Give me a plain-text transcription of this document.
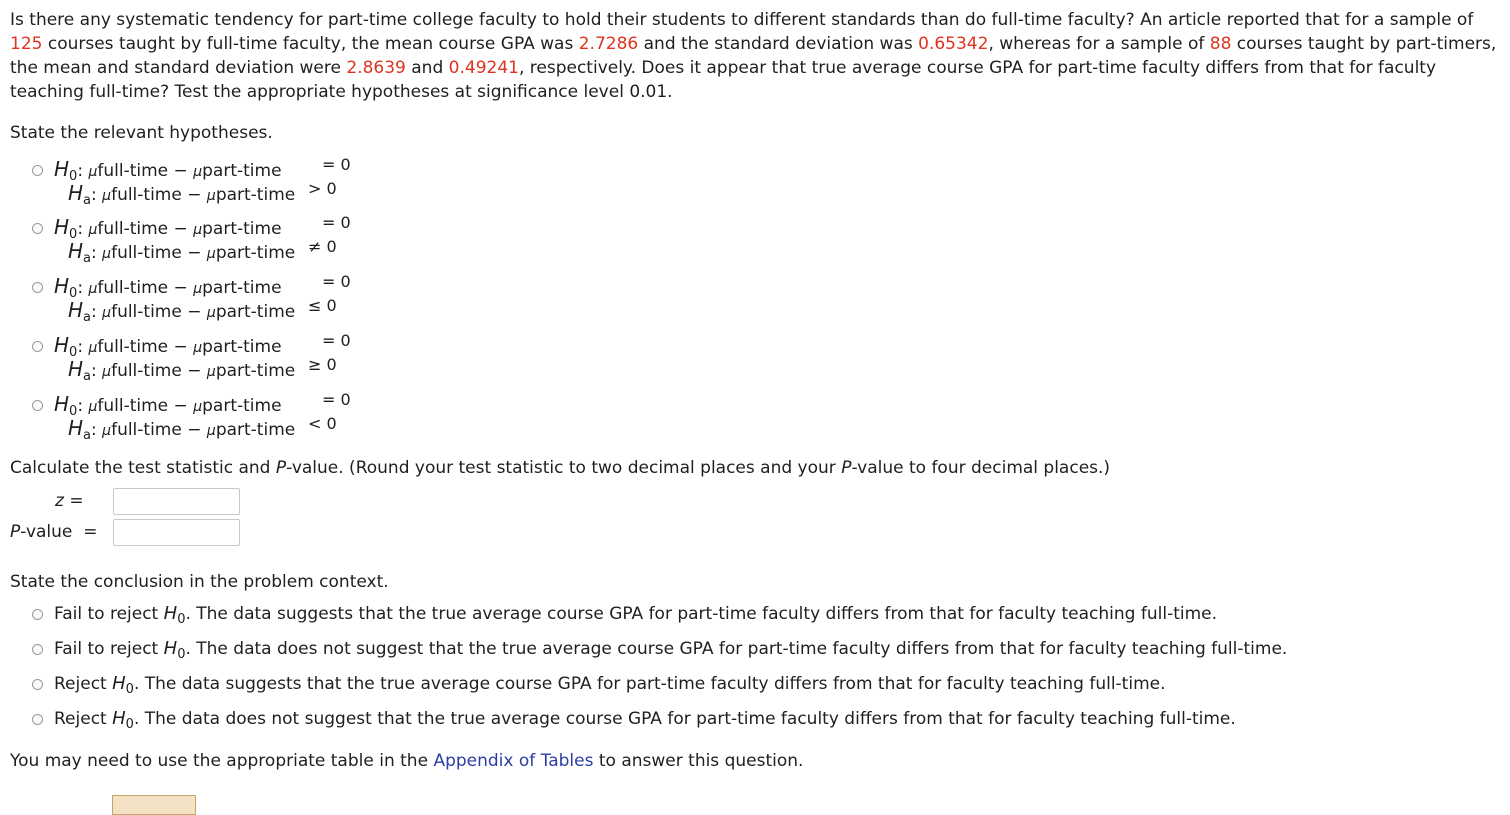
Is there any systematic tendency for part-time college faculty to hold their students to different standards than do full-time faculty? An article reported that for a sample of 125 courses taught by full-time faculty, the mean course GPA was 2.7286 and the standard deviation was 0.65342, whereas for a sample of 88 courses taught by part-timers, the mean and standard deviation were 2.8639 and 0.49241, respectively. Does it appear that true average course GPA for part-time faculty differs from that for faculty teaching full-time? Test the appropriate hypotheses at significance level 0.01.

State the relevant hypotheses.
$H_0$: μfull-time − μpart-time	= 0
$H_a$: μfull-time − μpart-time > 0
$H_0$: μfull-time − μpart-time	= 0
$H_a$: μfull-time − μpart-time ≠ 0
$H_0$: μfull-time − μpart-time	= 0
$H_a$: μfull-time − μpart-time ≤ 0
$H_0$: μfull-time − μpart-time	= 0
$H_a$: μfull-time − μpart-time ≥ 0
$H_0$: μfull-time − μpart-time	= 0
$H_a$: μfull-time − μpart-time < 0
Calculate the test statistic and P-value. (Round your test statistic to two decimal places and your P-value to four decimal places.)
z =
P-value =
State the conclusion in the problem context.
Fail to reject $H_0$. The data suggests that the true average course GPA for part-time faculty differs from that for faculty teaching full-time.
Fail to reject $H_0$. The data does not suggest that the true average course GPA for part-time faculty differs from that for faculty teaching full-time.
Reject $H_0$. The data suggests that the true average course GPA for part-time faculty differs from that for faculty teaching full-time.
Reject $H_0$. The data does not suggest that the true average course GPA for part-time faculty differs from that for faculty teaching full-time.
You may need to use the appropriate table in the Appendix of Tables to answer this question.
